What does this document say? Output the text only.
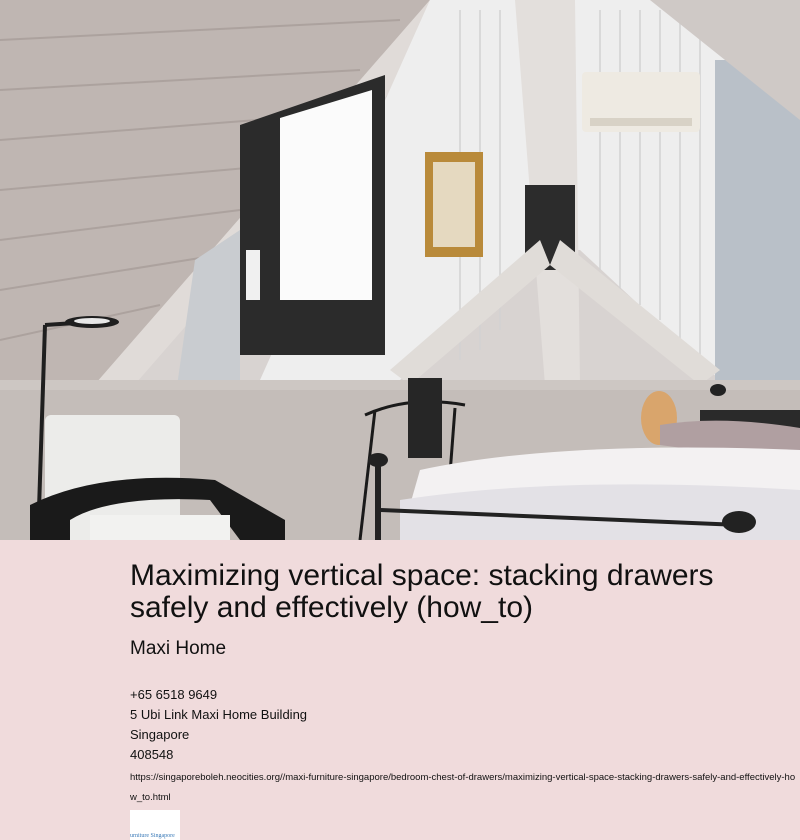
Maximizing vertical space: stacking drawers safely and effectively (how_to)
Maxi Home
+65 6518 9649
5 Ubi Link Maxi Home Building
Singapore
408548
https://singaporeboleh.neocities.org//maxi-furniture-singapore/bedroom-chest-of-drawers/maximizing-vertical-space-stacking-drawers-safely-and-effectively-how_to.html
urniture Singapore
